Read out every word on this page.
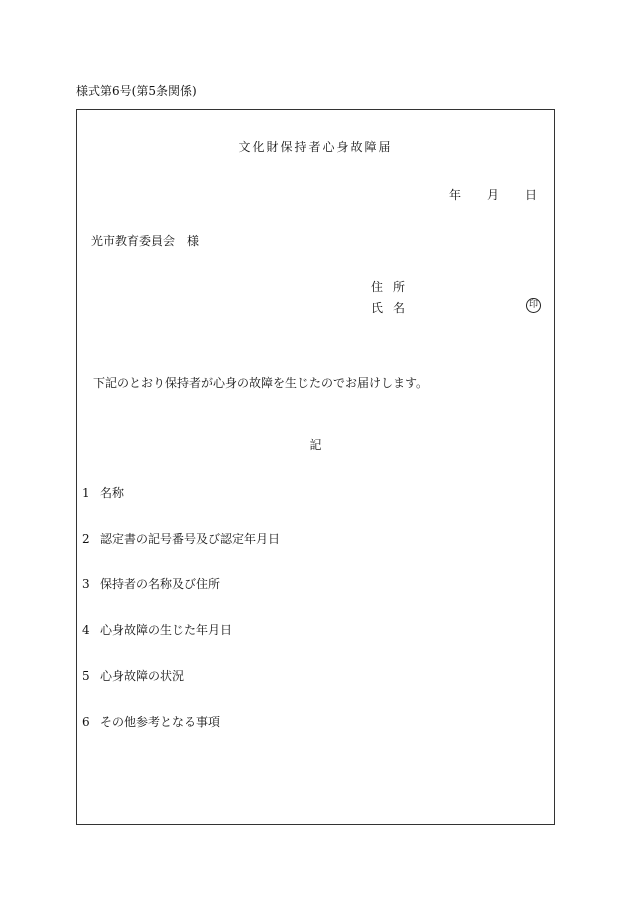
様式第6号(第5条関係)
文化財保持者心身故障届
年 月 日
光市教育委員会　様
住所
氏名	印
下記のとおり保持者が心身の故障を生じたのでお届けします。
記
1 名称
2 認定書の記号番号及び認定年月日
3 保持者の名称及び住所
4 心身故障の生じた年月日
5 心身故障の状況
6 その他参考となる事項
